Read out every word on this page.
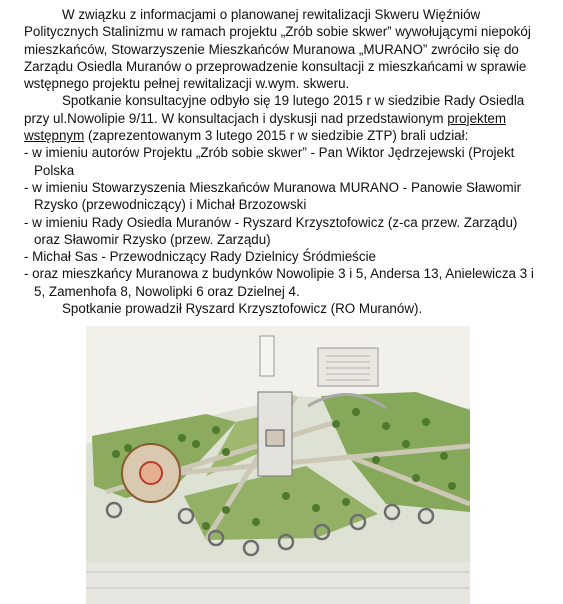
W związku z informacjami o planowanej rewitalizacji Skweru Więźniów Politycznych Stalinizmu w ramach projektu „Zrób sobie skwer” wywołującymi niepokój mieszkańców, Stowarzyszenie Mieszkańców Muranowa „MURANO” zwróciło się do Zarządu Osiedla Muranów o przeprowadzenie konsultacji z mieszkańcami w sprawie wstępnego projektu pełnej rewitalizacji w.wym. skweru.

Spotkanie konsultacyjne odbyło się 19 lutego 2015 r w siedzibie Rady Osiedla przy ul.Nowolipie 9/11. W konsultacjach i dyskusji nad przedstawionym projektem wstępnym (zaprezentowanym 3 lutego 2015 r w siedzibie ZTP) brali udział:

- w imieniu autorów Projektu „Zrób sobie skwer” - Pan Wiktor Jędrzejewski (Projekt Polska

- w imieniu Stowarzyszenia Mieszkańców Muranowa MURANO - Panowie Sławomir Rzysko (przewodniczący) i Michał Brzozowski

- w imieniu Rady Osiedla Muranów - Ryszard Krzysztofowicz (z-ca przew. Zarządu) oraz Sławomir Rzysko (przew. Zarządu)

- Michał Sas - Przewodniczący Rady Dzielnicy Śródmieście

- oraz mieszkańcy Muranowa z budynków Nowolipie 3 i 5, Andersa 13, Anielewicza 3 i 5, Zamenhofa 8, Nowolipki 6 oraz Dzielnej 4.

Spotkanie prowadził Ryszard Krzysztofowicz (RO Muranów).
